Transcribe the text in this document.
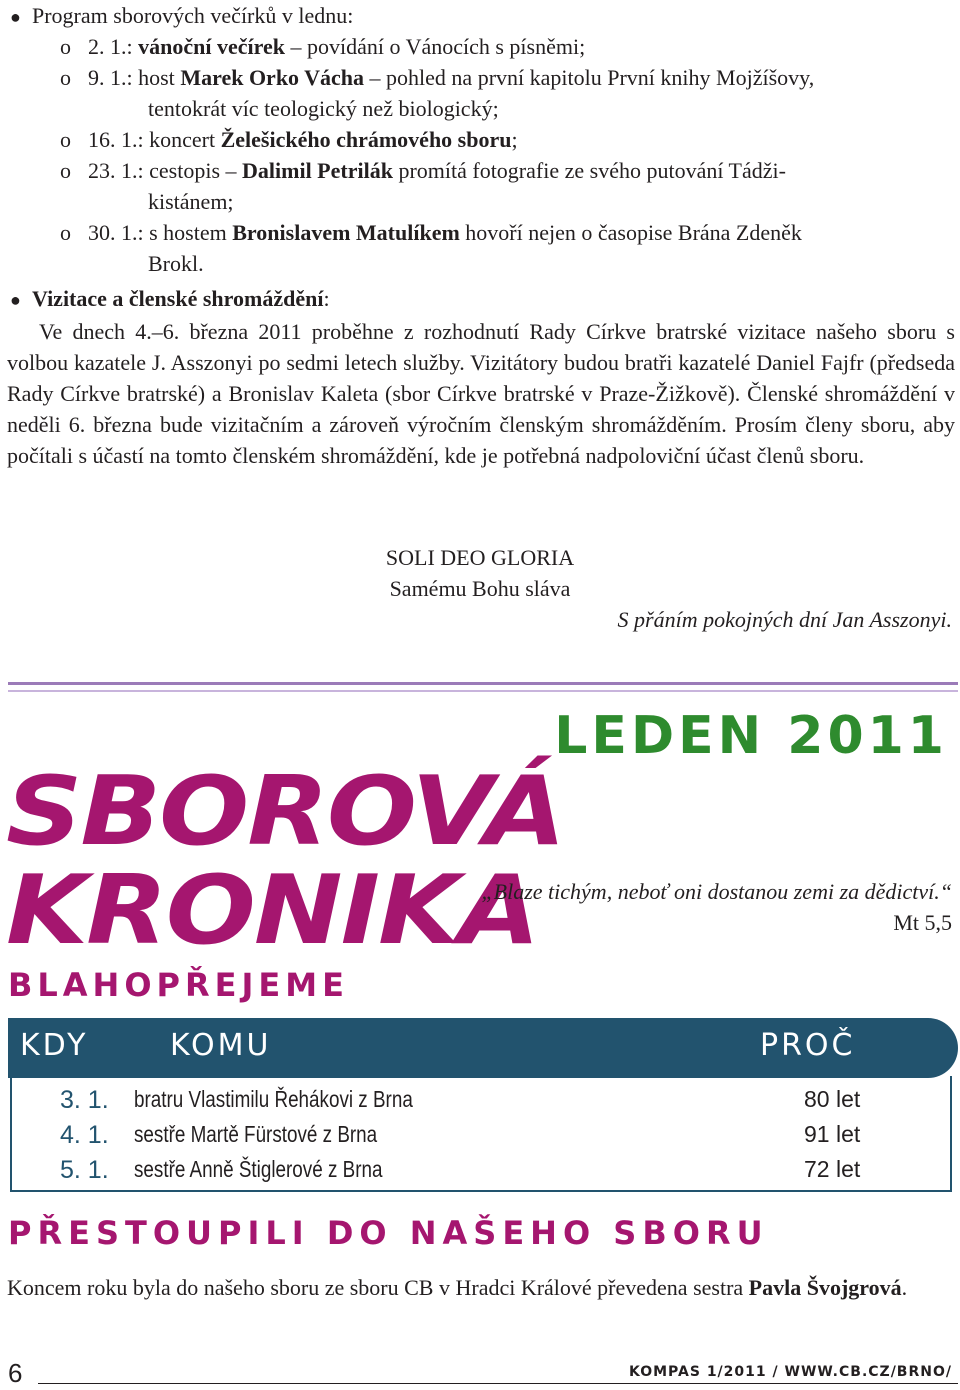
● Program sborových večírků v lednu:
o 2. 1.: vánoční večírek – povídání o Vánocích s písněmi;
o 9. 1.: host Marek Orko Vácha – pohled na první kapitolu První knihy Mojžíšovy,
tentokrát víc teologický než biologický;
o 16. 1.: koncert Želešického chrámového sboru;
o 23. 1.: cestopis – Dalimil Petrilák promítá fotografie ze svého putování Tádži-
kistánem;
o 30. 1.: s hostem Bronislavem Matulíkem hovoří nejen o časopise Brána Zdeněk
Brokl.
● Vizitace a členské shromáždění:
Ve dnech 4.–6. března 2011 proběhne z rozhodnutí Rady Církve bratrské vizitace našeho sboru s volbou kazatele J. Asszonyi po sedmi letech služby. Vizitátory budou bratři kazatelé Daniel Fajfr (předseda Rady Církve bratrské) a Bronislav Kaleta (sbor Církve bratrské v Praze-Žižkově). Členské shromáždění v neděli 6. března bude vizitačním a zároveň výročním členským shromážděním. Prosím členy sboru, aby počítali s účastí na tomto členském shromáždění, kde je potřebná nadpoloviční účast členů sboru.
SOLI DEO GLORIA
Samému Bohu sláva
S přáním pokojných dní Jan Asszonyi.
LEDEN 2011
SBOROVÁ KRONIKA
„Blaze tichým, neboť oni dostanou zemi za dědictví.“
Mt 5,5
BLAHOPŘEJEME
KDY	KOMU	PROČ
3. 1. bratru Vlastimilu Řehákovi z Brna	80 let
4. 1. sestře Martě Fürstové z Brna	91 let
5. 1. sestře Anně Štiglerové z Brna	72 let
PŘESTOUPILI DO NAŠEHO SBORU
Koncem roku byla do našeho sboru ze sboru CB v Hradci Králové převedena sestra Pavla Švojgrová.
6	KOMPAS 1/2011 / WWW.CB.CZ/BRNO/
